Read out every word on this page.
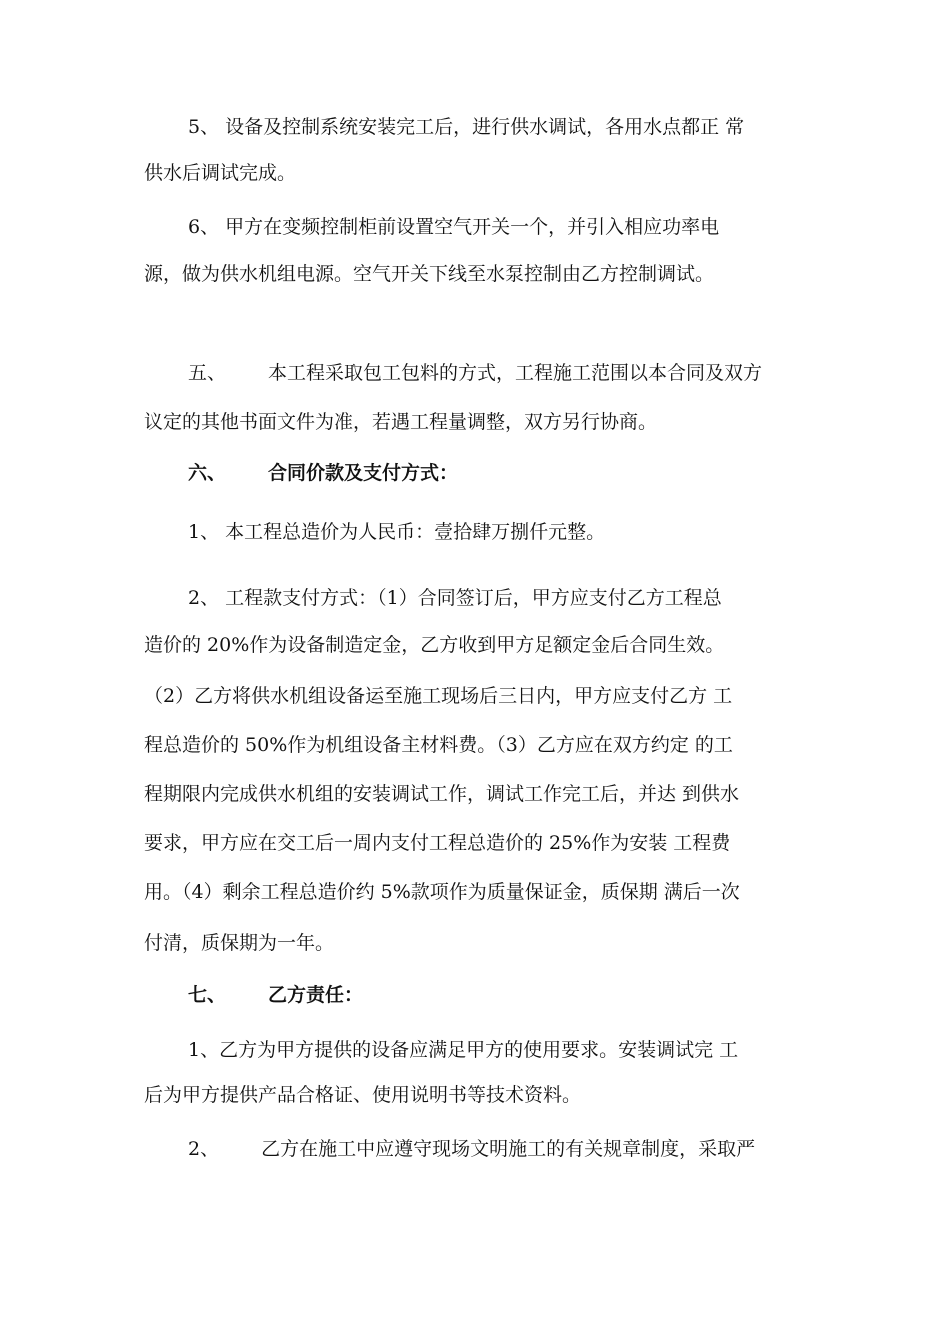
5、 设备及控制系统安装完工后，进行供水调试，各用水点都正 常
供水后调试完成。
6、 甲方在变频控制柜前设置空气开关一个，并引入相应功率电
源，做为供水机组电源。空气开关下线至水泵控制由乙方控制调试。
五、 本工程采取包工包料的方式，工程施工范围以本合同及双方
议定的其他书面文件为准，若遇工程量调整，双方另行协商。
六、 合同价款及支付方式：
1、 本工程总造价为人民币：壹拾肆万捌仟元整。
2、 工程款支付方式：（1）合同签订后，甲方应支付乙方工程总
造价的 20%作为设备制造定金，乙方收到甲方足额定金后合同生效。
（2）乙方将供水机组设备运至施工现场后三日内，甲方应支付乙方 工
程总造价的 50%作为机组设备主材料费。（3）乙方应在双方约定 的工
程期限内完成供水机组的安装调试工作，调试工作完工后，并达 到供水
要求，甲方应在交工后一周内支付工程总造价的 25%作为安装 工程费
用。（4）剩余工程总造价约 5%款项作为质量保证金，质保期 满后一次
付清，质保期为一年。
七、 乙方责任：
1、乙方为甲方提供的设备应满足甲方的使用要求。安装调试完 工
后为甲方提供产品合格证、使用说明书等技术资料。
2、 乙方在施工中应遵守现场文明施工的有关规章制度，采取严
